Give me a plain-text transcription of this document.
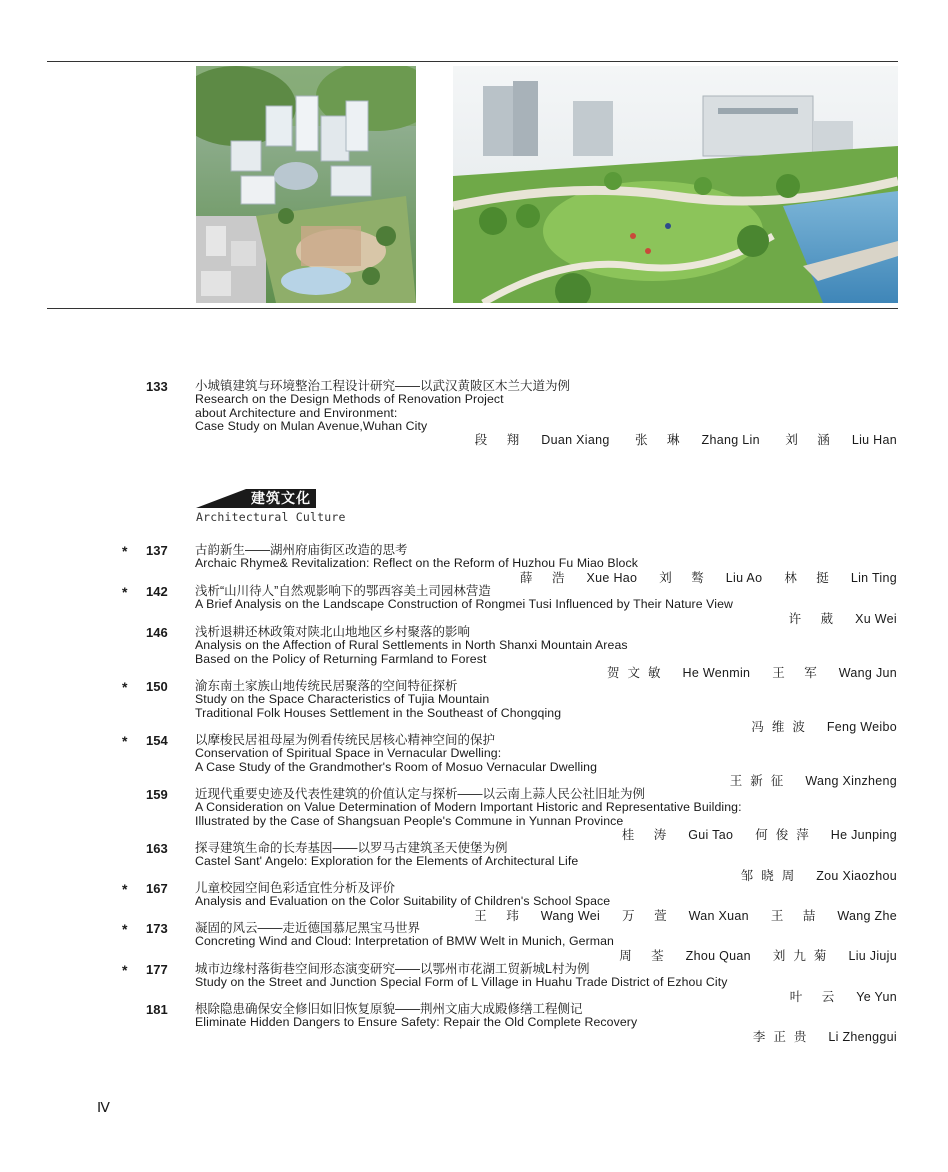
133	小城镇建筑与环境整治工程设计研究——以武汉黄陂区木兰大道为例
Research on the Design Methods of Renovation Project
about Architecture and Environment:
Case Study on Mulan Avenue,Wuhan City
段 翔 Duan Xiang 张 琳 Zhang Lin 刘 涵 Liu Han
建筑文化
Architectural Culture
* 137	古韵新生——湖州府庙街区改造的思考
Archaic Rhyme& Revitalization: Reflect on the Reform of Huzhou Fu Miao Block
薛 浩 Xue Hao 刘 骜 Liu Ao 林 挺 Lin Ting
* 142	浅析“山川待人”自然观影响下的鄂西容美土司园林营造
A Brief Analysis on the Landscape Construction of Rongmei Tusi Influenced by Their Nature View
许 葳 Xu Wei
146	浅析退耕还林政策对陕北山地地区乡村聚落的影响
Analysis on the Affection of Rural Settlements in North Shanxi Mountain Areas
Based on the Policy of Returning Farmland to Forest
贺文敏 He Wenmin 王 军 Wang Jun
* 150	渝东南土家族山地传统民居聚落的空间特征探析
Study on the Space Characteristics of Tujia Mountain
Traditional Folk Houses Settlement in the Southeast of Chongqing
冯维波 Feng Weibo
* 154	以摩梭民居祖母屋为例看传统民居核心精神空间的保护
Conservation of Spiritual Space in Vernacular Dwelling:
A Case Study of the Grandmother's Room of Mosuo Vernacular Dwelling
王新征 Wang Xinzheng
159	近现代重要史迹及代表性建筑的价值认定与探析——以云南上蒜人民公社旧址为例
A Consideration on Value Determination of Modern Important Historic and Representative Building:
Illustrated by the Case of Shangsuan People's Commune in Yunnan Province
桂 涛 Gui Tao 何俊萍 He Junping
163	探寻建筑生命的长寿基因——以罗马古建筑圣天使堡为例
Castel Sant' Angelo: Exploration for the Elements of Architectural Life
邹晓周 Zou Xiaozhou
* 167	儿童校园空间色彩适宜性分析及评价
Analysis and Evaluation on the Color Suitability of Children's School Space
王 玮 Wang Wei 万 萱 Wan Xuan 王 喆 Wang Zhe
* 173	凝固的风云——走近德国慕尼黑宝马世界
Concreting Wind and Cloud: Interpretation of BMW Welt in Munich, German
周 荃 Zhou Quan 刘九菊 Liu Jiuju
* 177	城市边缘村落街巷空间形态演变研究——以鄂州市花湖工贸新城L村为例
Study on the Street and Junction Special Form of L Village in Huahu Trade District of Ezhou City
叶 云 Ye Yun
181	根除隐患确保安全修旧如旧恢复原貌——荆州文庙大成殿修缮工程侧记
Eliminate Hidden Dangers to Ensure Safety: Repair the Old Complete Recovery
李正贵 Li Zhenggui
Ⅳ
